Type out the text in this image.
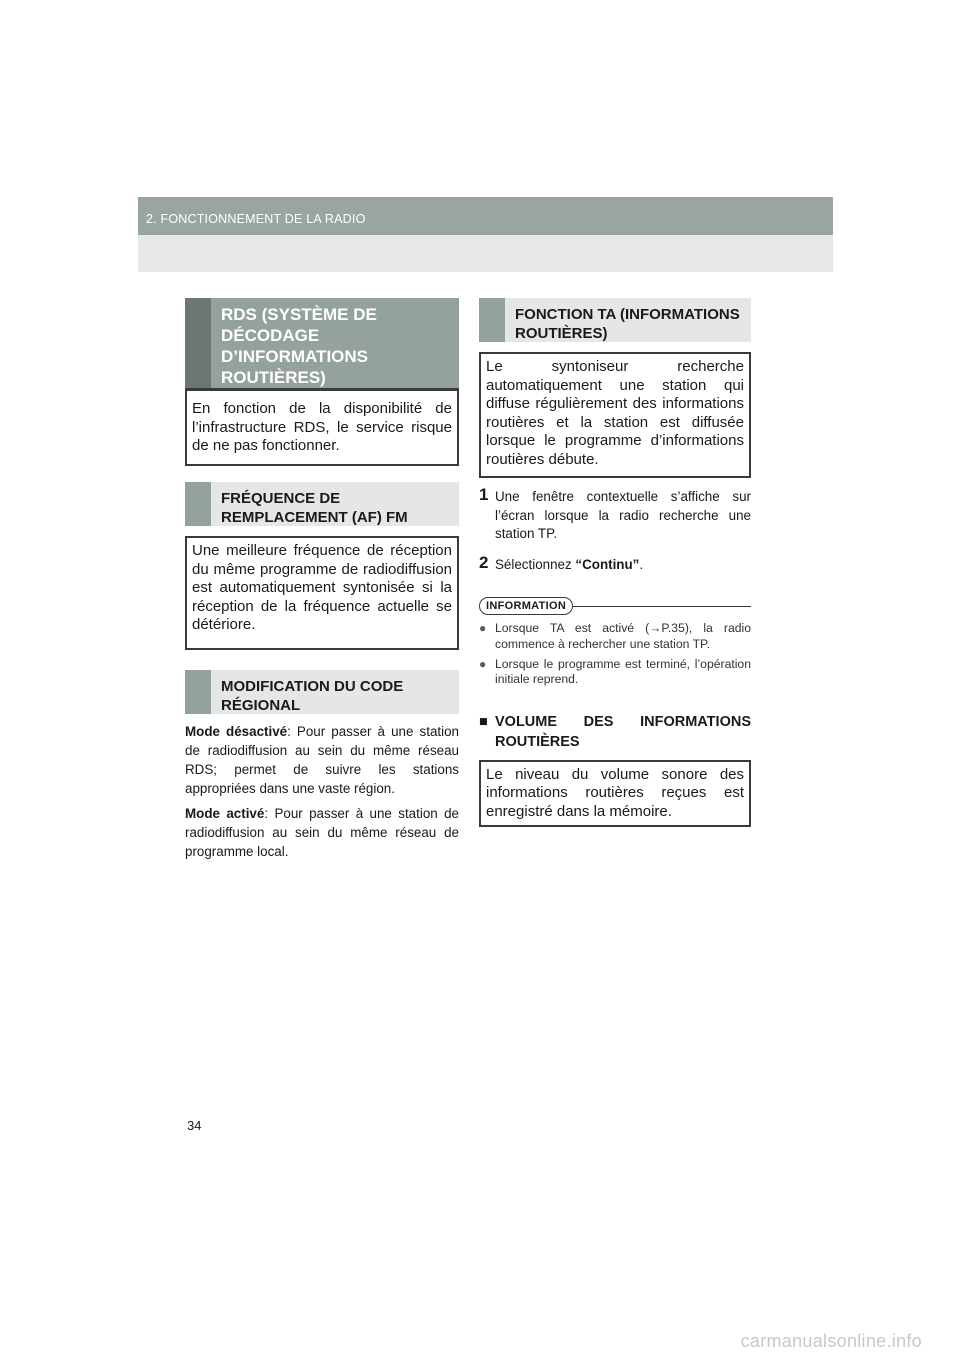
2. FONCTIONNEMENT DE LA RADIO
RDS (SYSTÈME DE DÉCODAGE D’INFORMATIONS ROUTIÈRES)
En fonction de la disponibilité de l’infrastructure RDS, le service risque de ne pas fonctionner.
FRÉQUENCE DE REMPLACEMENT (AF) FM
Une meilleure fréquence de réception du même programme de radiodiffusion est automatiquement syntonisée si la réception de la fréquence actuelle se détériore.
MODIFICATION DU CODE RÉGIONAL

Mode désactivé: Pour passer à une station de radiodiffusion au sein du même réseau RDS; permet de suivre les stations appropriées dans une vaste région.

Mode activé: Pour passer à une station de radiodiffusion au sein du même réseau de programme local.

FONCTION TA (INFORMATIONS ROUTIÈRES)
Le syntoniseur recherche automatiquement une station qui diffuse régulièrement des informations routières et la station est diffusée lorsque le programme d’informations routières débute.
1 Une fenêtre contextuelle s’affiche sur l’écran lorsque la radio recherche une station TP.
2 Sélectionnez “Continu”.
INFORMATION
● Lorsque TA est activé (→P.35), la radio commence à rechercher une station TP.
● Lorsque le programme est terminé, l’opération initiale reprend.
■ VOLUME DES INFORMATIONS ROUTIÈRES
Le niveau du volume sonore des informations routières reçues est enregistré dans la mémoire.
34
carmanualsonline.info
